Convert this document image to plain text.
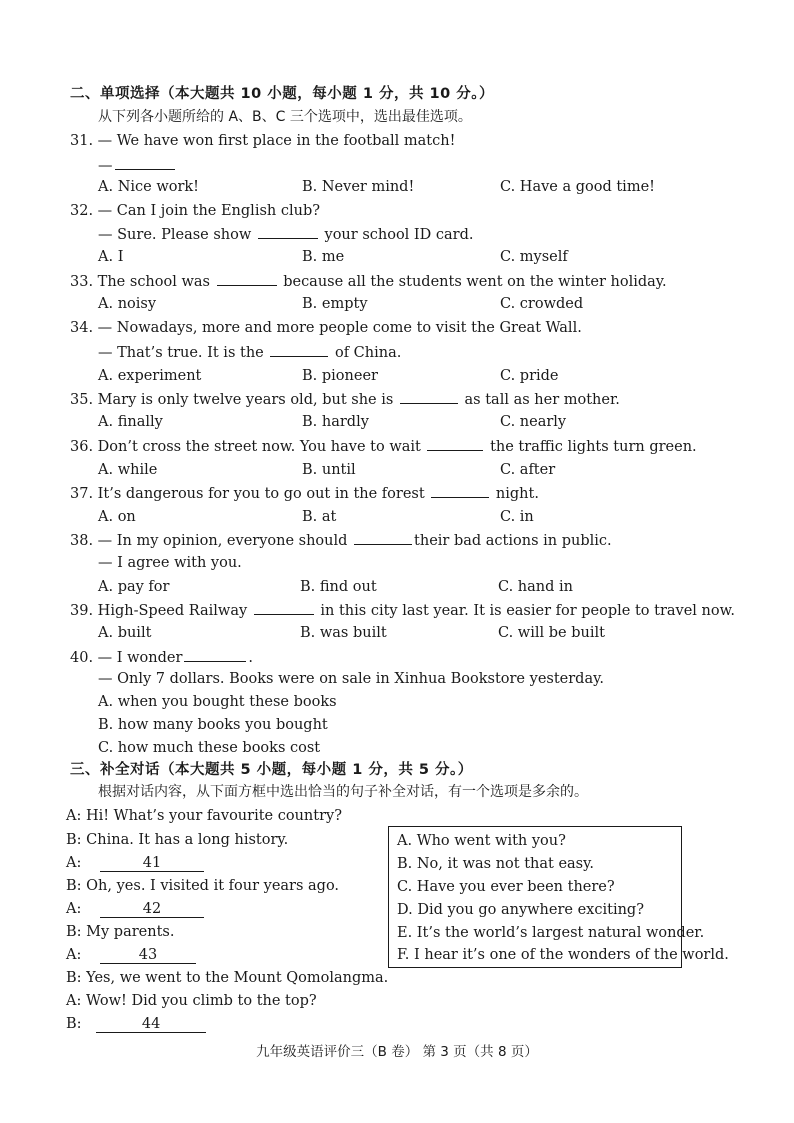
二、单项选择（本大题共 10 小题，每小题 1 分，共 10 分。）
从下列各小题所给的 A、B、C 三个选项中，选出最佳选项。
31. — We have won first place in the football match!
—
A. Nice work!	B. Never mind!	C. Have a good time!
32. — Can I join the English club?
— Sure. Please show	your school ID card.
A. I	B. me	C. myself
33. The school was	because all the students went on the winter holiday.
A. noisy	B. empty	C. crowded
34. — Nowadays, more and more people come to visit the Great Wall.
— That’s true. It is the	of China.
A. experiment	B. pioneer	C. pride
35. Mary is only twelve years old, but she is	as tall as her mother.
A. finally	B. hardly	C. nearly
36. Don’t cross the street now. You have to wait	the traffic lights turn green.
A. while	B. until	C. after
37. It’s dangerous for you to go out in the forest	night.
A. on	B. at	C. in
38. — In my opinion, everyone should	their bad actions in public.
— I agree with you.
A. pay for	B. find out	C. hand in
39. High-Speed Railway	in this city last year. It is easier for people to travel now.
A. built	B. was built	C. will be built
40. — I wonder	.
— Only 7 dollars. Books were on sale in Xinhua Bookstore yesterday.
A. when you bought these books
B. how many books you bought
C. how much these books cost
三、补全对话（本大题共 5 小题，每小题 1 分，共 5 分。）
根据对话内容，从下面方框中选出恰当的句子补全对话，有一个选项是多余的。
A: Hi! What’s your favourite country?
B: China. It has a long history.
A:	41
B: Oh, yes. I visited it four years ago.
A:	42
B: My parents.
A:	43
B: Yes, we went to the Mount Qomolangma.
A: Wow! Did you climb to the top?
B:	44
A. Who went with you?
B. No, it was not that easy.
C. Have you ever been there?
D. Did you go anywhere exciting?
E. It’s the world’s largest natural wonder.
F. I hear it’s one of the wonders of the world.
九年级英语评价三（B 卷） 第 3 页（共 8 页）
